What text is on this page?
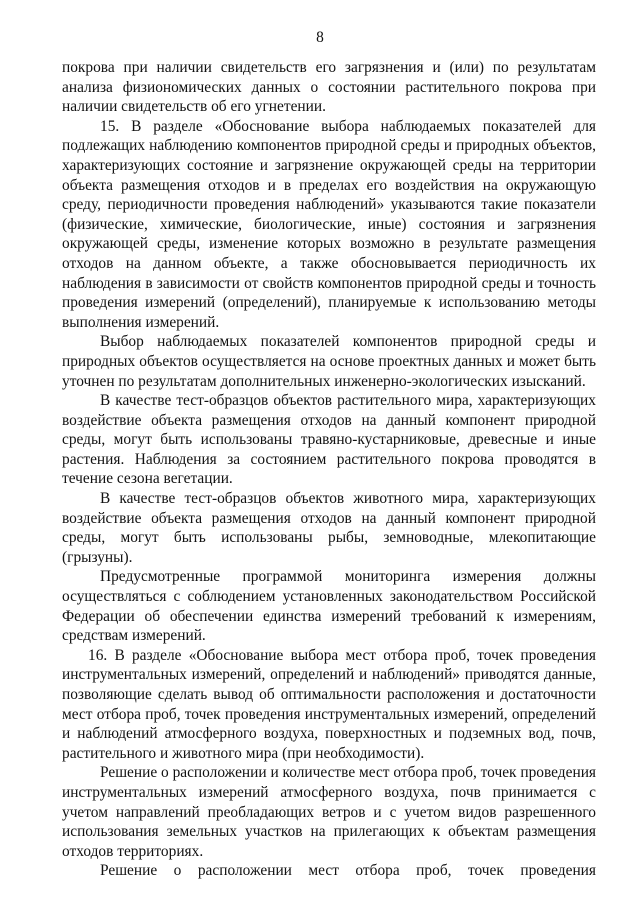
8

покрова при наличии свидетельств его загрязнения и (или) по результатам анализа физиономических данных о состоянии растительного покрова при наличии свидетельств об его угнетении.

15. В разделе «Обоснование выбора наблюдаемых показателей для подлежащих наблюдению компонентов природной среды и природных объектов, характеризующих состояние и загрязнение окружающей среды на территории объекта размещения отходов и в пределах его воздействия на окружающую среду, периодичности проведения наблюдений» указываются такие показатели (физические, химические, биологические, иные) состояния и загрязнения окружающей среды, изменение которых возможно в результате размещения отходов на данном объекте, а также обосновывается периодичность их наблюдения в зависимости от свойств компонентов природной среды и точность проведения измерений (определений), планируемые к использованию методы выполнения измерений.

Выбор наблюдаемых показателей компонентов природной среды и природных объектов осуществляется на основе проектных данных и может быть уточнен по результатам дополнительных инженерно-экологических изысканий.

В качестве тест-образцов объектов растительного мира, характеризующих воздействие объекта размещения отходов на данный компонент природной среды, могут быть использованы травяно-кустарниковые, древесные и иные растения. Наблюдения за состоянием растительного покрова проводятся в течение сезона вегетации.

В качестве тест-образцов объектов животного мира, характеризующих воздействие объекта размещения отходов на данный компонент природной среды, могут быть использованы рыбы, земноводные, млекопитающие (грызуны).

Предусмотренные программой мониторинга измерения должны осуществляться с соблюдением установленных законодательством Российской Федерации об обеспечении единства измерений требований к измерениям, средствам измерений.

16. В разделе «Обоснование выбора мест отбора проб, точек проведения инструментальных измерений, определений и наблюдений» приводятся данные, позволяющие сделать вывод об оптимальности расположения и достаточности мест отбора проб, точек проведения инструментальных измерений, определений и наблюдений атмосферного воздуха, поверхностных и подземных вод, почв, растительного и животного мира (при необходимости).

Решение о расположении и количестве мест отбора проб, точек проведения инструментальных измерений атмосферного воздуха, почв принимается с учетом направлений преобладающих ветров и с учетом видов разрешенного использования земельных участков на прилегающих к объектам размещения отходов территориях.

Решение о расположении мест отбора проб, точек проведения
